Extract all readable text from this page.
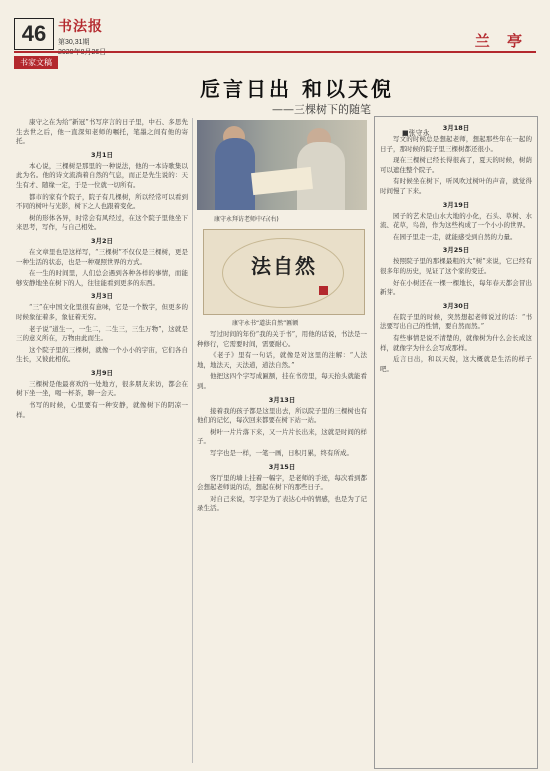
46 书法报
第30,31期	兰 亭
书家文稿
卮言日出 和以天倪
——三棵树下的随笔
■张守永
康守永拜访老师中石(右)
法自然
康守永书“道法自然”匾额

康守之在为给“新冠”书写序言的日子里，中石、多思先生去世之后，他一直深知老师的嘱托，笔墨之间有他的寄托。

3月1日

本心说，三棵树是那里的一种说法，他的一本诗歌集以此为名。他的诗文流淌着自然的气息，而正是先生说的：天生有才、随缘一定，于是一位就一切所有。

都市的家有个院子，院子有几棵树，所以经常可以看到不同的树叶与光影，树下之人也跟着变化。

树的形体各异，时常会有风经过，在这个院子里他坐下来思考，写作，与自己相处。

3月2日

在文章里也是这样写，“三棵树”不仅仅是三棵树，更是一种生活的状态，也是一种观照世界的方式。

在一生的时间里，人们总会遇到各种各样的事情，而能够安静地坐在树下的人，往往能看到更多的东西。

3月3日

“三”在中国文化里很有意味，它是一个数字，但更多的时候象征着多，象征着无穷。

老子说“道生一，一生二，二生三，三生万物”，这就是三的意义所在，万物由此而生。

这个院子里的三棵树，就像一个小小的宇宙，它们各自生长，又彼此相依。

3月9日

三棵树是他最喜欢的一处地方，很多朋友来访，都会在树下坐一坐，喝一杯茶，聊一会天。

书写的时候，心里要有一种安静，就像树下的阴凉一样。

写过时间的年份“我的关于书”，用他的话说，书法是一种修行，它需要时间，需要耐心。

《老子》里有一句话，就像是对这里的注解：“人法地，地法天，天法道，道法自然。”

他把这四个字写成匾额，挂在书房里，每天抬头就能看到。

3月13日

接着我的孩子都是这里出去，所以院子里的三棵树也有他们的记忆，每次回来都要在树下站一站。

树叶一片片落下来，又一片片长出来，这就是时间的样子。

写字也是一样，一笔一画，日积月累，终有所成。

3月15日

客厅里的墙上挂着一幅字，是老师的手迹，每次看到都会想起老师说的话，想起在树下的那些日子。

对自己来说，写字是为了表达心中的情感，也是为了记录生活。

3月18日

写文的时候总是想起老师，想起那些年在一起的日子，那时候的院子里三棵树都还很小。

现在三棵树已经长得很高了，夏天的时候，树荫可以遮住整个院子。

有时候坐在树下，听风吹过树叶的声音，就觉得时间慢了下来。

3月19日

园子的艺术是山水大地的小化，石头、草树、水流、花草，鸟兽，作为这些构成了一个小小的世界。

在园子里走一走，就能感受到自然的力量。

3月25日

按照院子里的那棵最粗的大“树”来说，它已经有很多年的历史，见证了这个家的变迁。

好在小树还在一棵一棵地长，每年春天都会冒出新芽。

3月30日

在院子里的时候，突然想起老师说过的话：“书法要写出自己的性情，要自然而然。”

有些事情是说不清楚的，就像树为什么会长成这样，就像字为什么会写成那样。

卮言日出，和以天倪，这大概就是生活的样子吧。
